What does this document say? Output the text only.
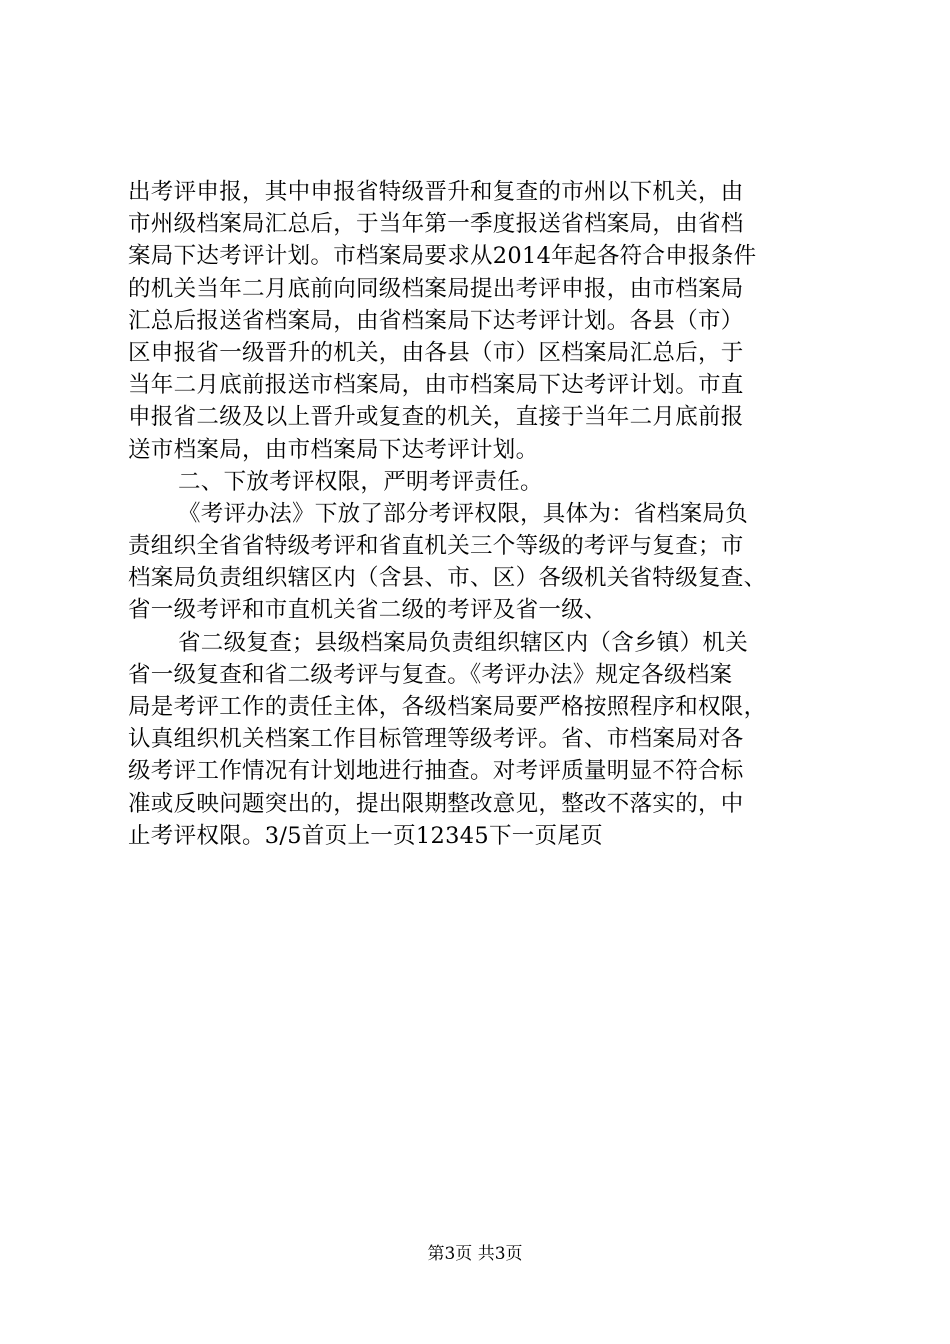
出考评申报，其中申报省特级晋升和复查的市州以下机关，由
市州级档案局汇总后，于当年第一季度报送省档案局，由省档
案局下达考评计划。市档案局要求从2014年起各符合申报条件
的机关当年二月底前向同级档案局提出考评申报，由市档案局
汇总后报送省档案局，由省档案局下达考评计划。各县（市）
区申报省一级晋升的机关，由各县（市）区档案局汇总后，于
当年二月底前报送市档案局，由市档案局下达考评计划。市直
申报省二级及以上晋升或复查的机关，直接于当年二月底前报
送市档案局，由市档案局下达考评计划。
二、下放考评权限，严明考评责任。
《考评办法》下放了部分考评权限，具体为：省档案局负
责组织全省省特级考评和省直机关三个等级的考评与复查；市
档案局负责组织辖区内（含县、市、区）各级机关省特级复查、
省一级考评和市直机关省二级的考评及省一级、
省二级复查；县级档案局负责组织辖区内（含乡镇）机关
省一级复查和省二级考评与复查。《考评办法》规定各级档案
局是考评工作的责任主体，各级档案局要严格按照程序和权限，
认真组织机关档案工作目标管理等级考评。省、市档案局对各
级考评工作情况有计划地进行抽查。对考评质量明显不符合标
准或反映问题突出的，提出限期整改意见，整改不落实的，中
止考评权限。3/5首页上一页12345下一页尾页
第3页 共3页
